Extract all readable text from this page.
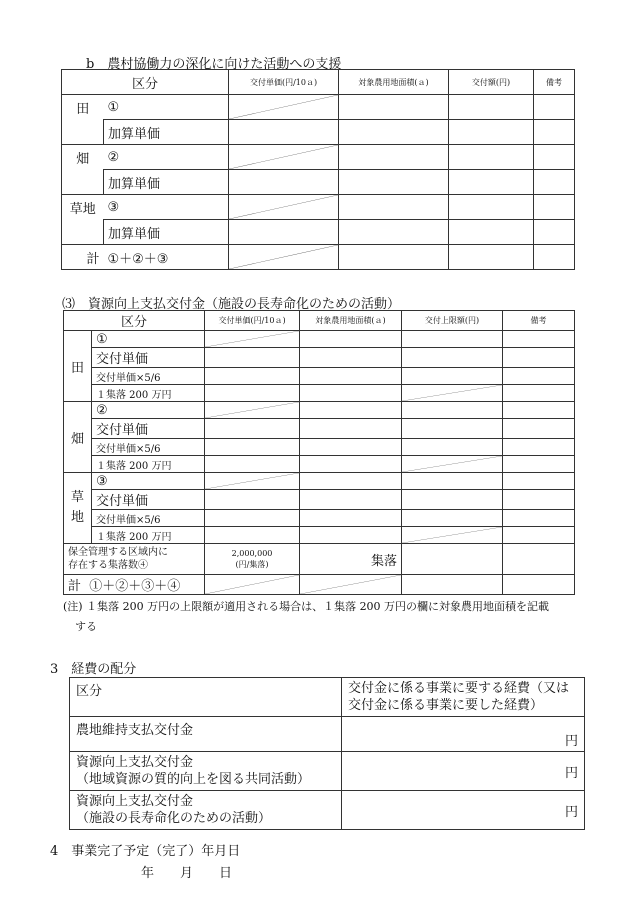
b　農村協働力の深化に向けた活動への支援
区分		交付単価(円/10ａ)	対象農用地面積(ａ)	交付額(円)	備考
田	①	

	加算単価				
畑	②	

	加算単価				
草地	③	

	加算単価				
計	①＋②＋③	

⑶　資源向上支払交付金（施設の長寿命化のための活動）
区分		交付単価(円/10ａ)	対象農用地面積(ａ)	交付上限額(円)	備考
田	①	

	交付単価				
	交付単価×5/6				
	１集落 200 万円			

畑	②	

	交付単価				
	交付単価×5/6				
	１集落 200 万円			

草
地	③	

	交付単価				
	交付単価×5/6				
	１集落 200 万円			

保全管理する区域内に
存在する集落数④		2,000,000
(円/集落)	集落		
計 ①＋②＋③＋④	

(注) １集落 200 万円の上限額が適用される場合は、１集落 200 万円の欄に対象農用地面積を記載
する
3　経費の配分
区分	交付金に係る事業に要する経費（又は
交付金に係る事業に要した経費）
農地維持支払交付金	円
資源向上支払交付金
（地域資源の質的向上を図る共同活動）	円
資源向上支払交付金
（施設の長寿命化のための活動）	円
4　事業完了予定（完了）年月日
年　　月　　日
